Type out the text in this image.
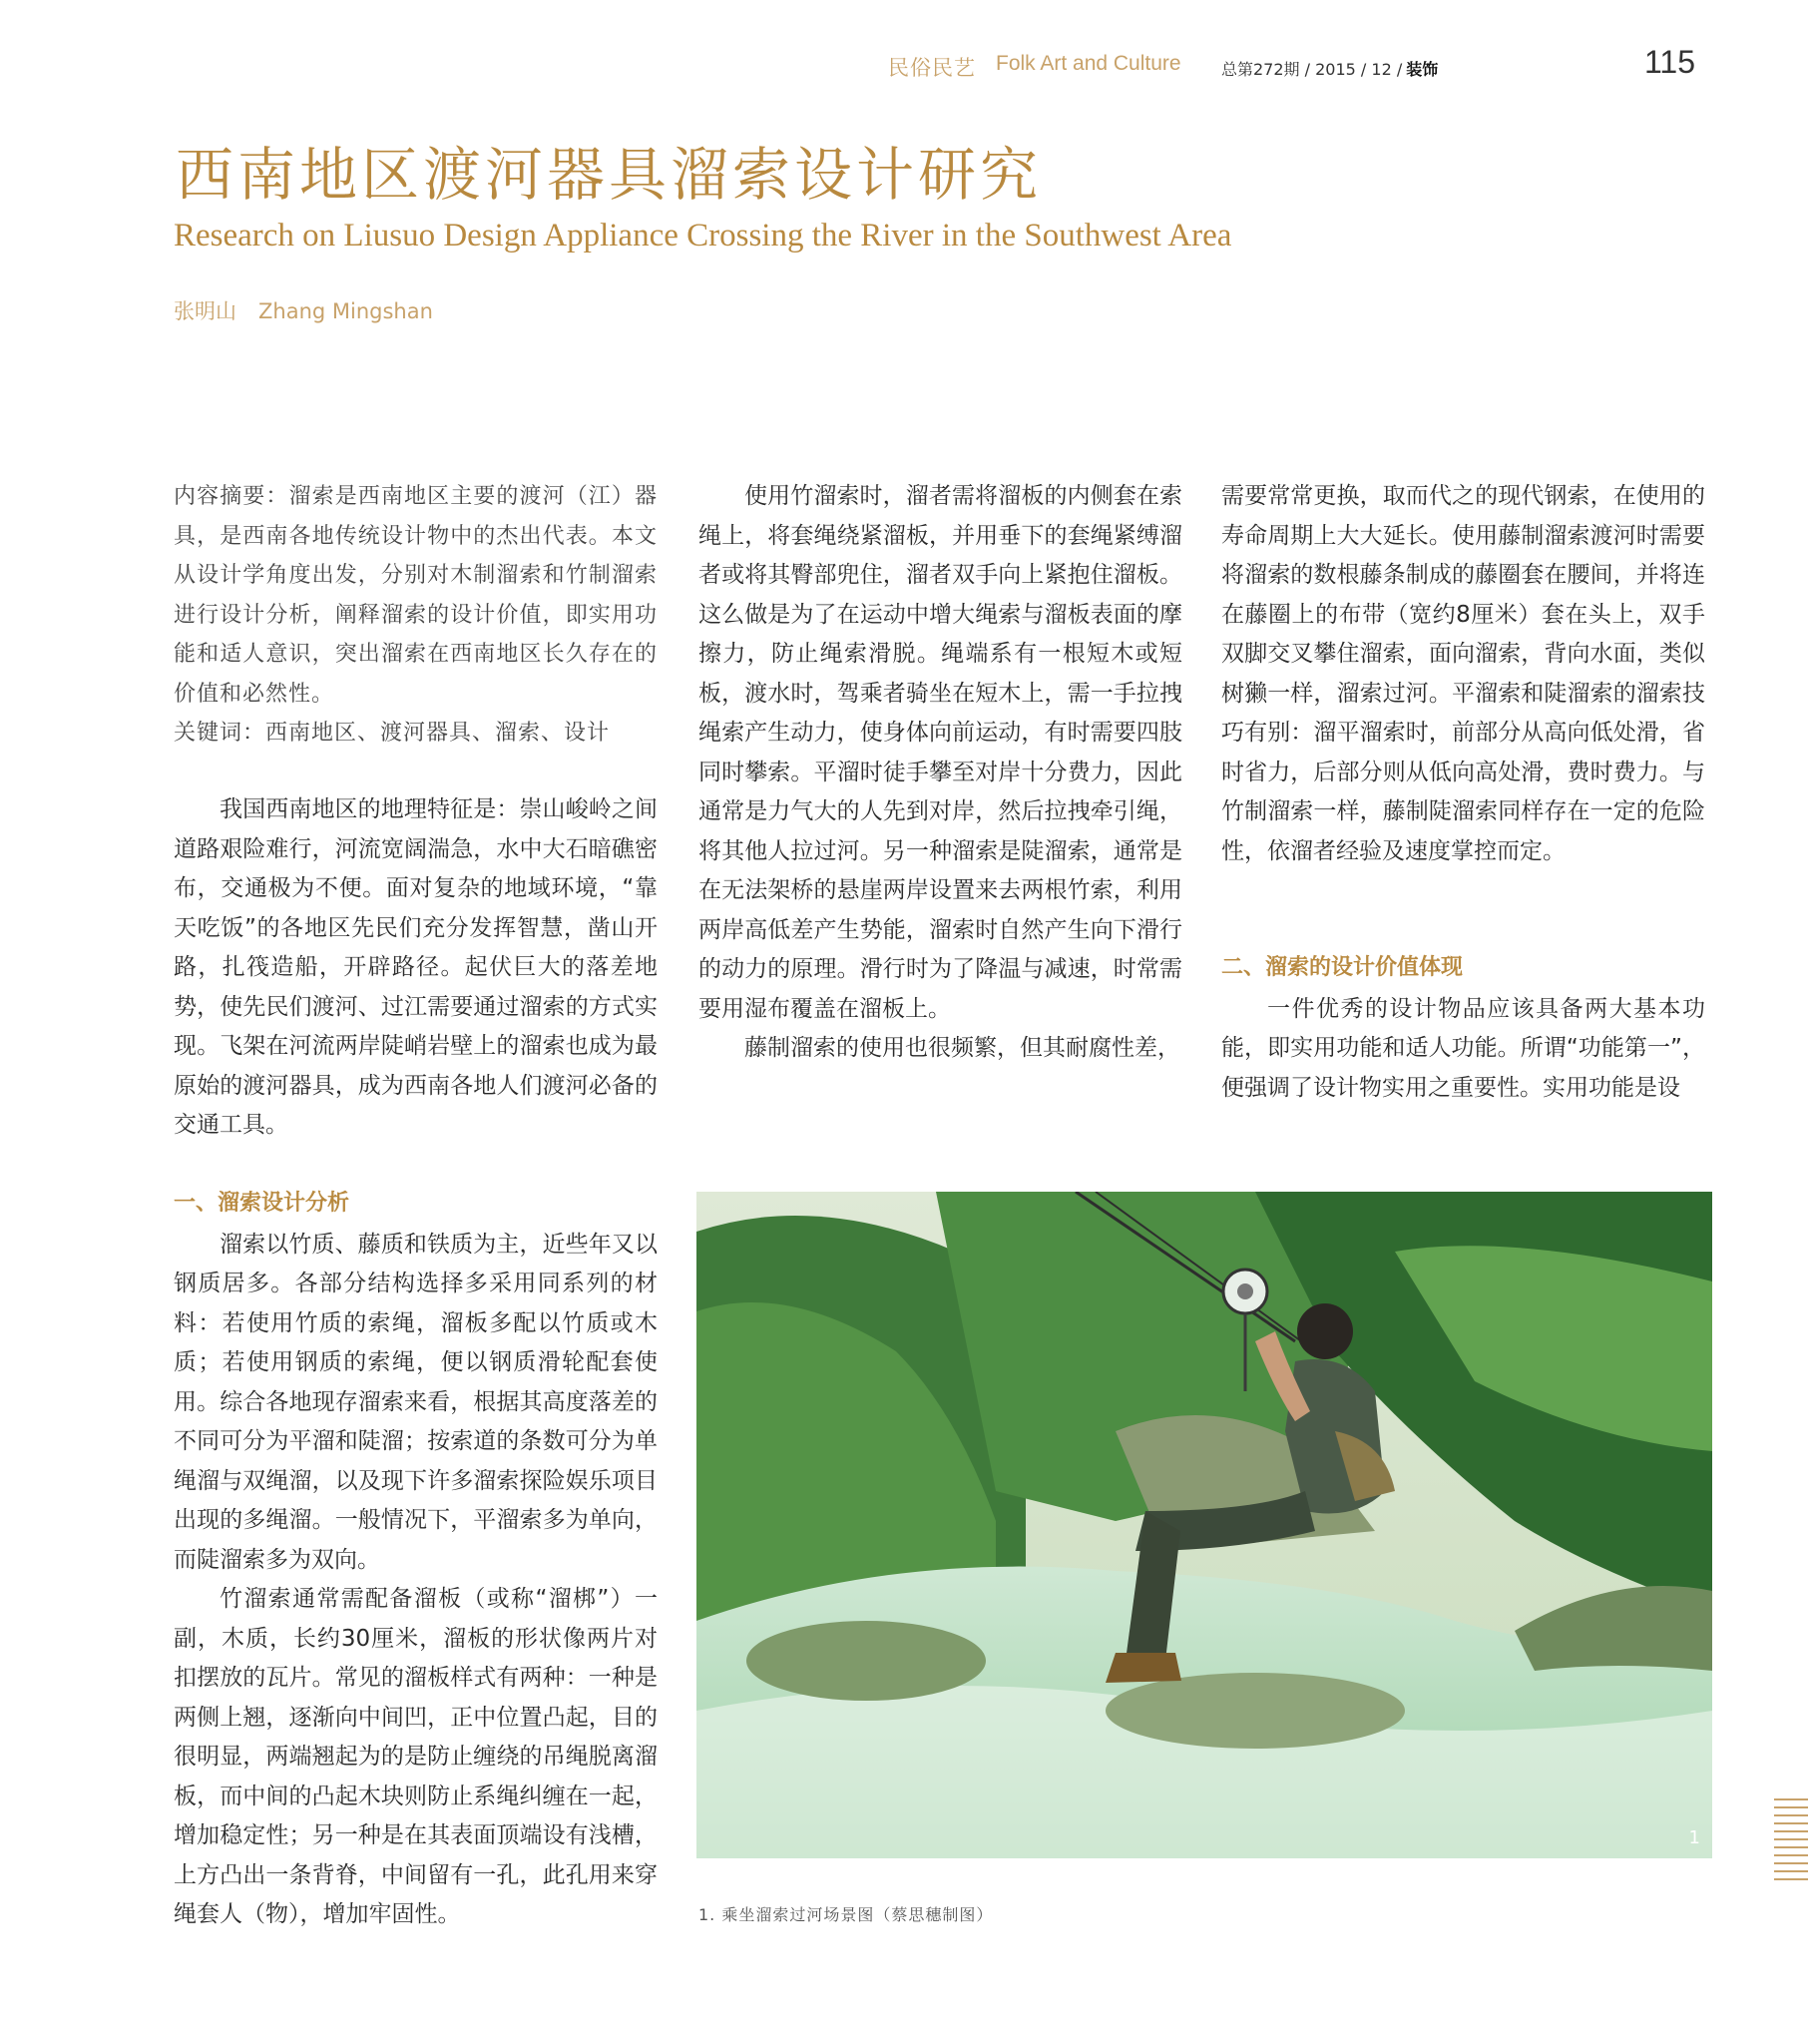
民俗民艺 Folk Art and Culture	总第272期 / 2015 / 12 / 装饰	115
西南地区渡河器具溜索设计研究
Research on Liusuo Design Appliance Crossing the River in the Southwest Area
张明山 Zhang Mingshan

内容摘要：溜索是西南地区主要的渡河（江）器具，是西南各地传统设计物中的杰出代表。本文从设计学角度出发，分别对木制溜索和竹制溜索进行设计分析，阐释溜索的设计价值，即实用功能和适人意识，突出溜索在西南地区长久存在的价值和必然性。

关键词：西南地区、渡河器具、溜索、设计

我国西南地区的地理特征是：崇山峻岭之间道路艰险难行，河流宽阔湍急，水中大石暗礁密布，交通极为不便。面对复杂的地域环境，“靠天吃饭”的各地区先民们充分发挥智慧，凿山开路，扎筏造船，开辟路径。起伏巨大的落差地势，使先民们渡河、过江需要通过溜索的方式实现。飞架在河流两岸陡峭岩壁上的溜索也成为最原始的渡河器具，成为西南各地人们渡河必备的交通工具。

一、溜索设计分析

溜索以竹质、藤质和铁质为主，近些年又以钢质居多。各部分结构选择多采用同系列的材料：若使用竹质的索绳，溜板多配以竹质或木质；若使用钢质的索绳，便以钢质滑轮配套使用。综合各地现存溜索来看，根据其高度落差的不同可分为平溜和陡溜；按索道的条数可分为单绳溜与双绳溜，以及现下许多溜索探险娱乐项目出现的多绳溜。一般情况下，平溜索多为单向，而陡溜索多为双向。

竹溜索通常需配备溜板（或称“溜梆”）一副，木质，长约30厘米，溜板的形状像两片对扣摆放的瓦片。常见的溜板样式有两种：一种是两侧上翘，逐渐向中间凹，正中位置凸起，目的很明显，两端翘起为的是防止缠绕的吊绳脱离溜板，而中间的凸起木块则防止系绳纠缠在一起，增加稳定性；另一种是在其表面顶端设有浅槽，上方凸出一条背脊，中间留有一孔，此孔用来穿绳套人（物），增加牢固性。

使用竹溜索时，溜者需将溜板的内侧套在索绳上，将套绳绕紧溜板，并用垂下的套绳紧缚溜者或将其臀部兜住，溜者双手向上紧抱住溜板。这么做是为了在运动中增大绳索与溜板表面的摩擦力，防止绳索滑脱。绳端系有一根短木或短板，渡水时，驾乘者骑坐在短木上，需一手拉拽绳索产生动力，使身体向前运动，有时需要四肢同时攀索。平溜时徒手攀至对岸十分费力，因此通常是力气大的人先到对岸，然后拉拽牵引绳，将其他人拉过河。另一种溜索是陡溜索，通常是在无法架桥的悬崖两岸设置来去两根竹索，利用两岸高低差产生势能，溜索时自然产生向下滑行的动力的原理。滑行时为了降温与减速，时常需要用湿布覆盖在溜板上。

藤制溜索的使用也很频繁，但其耐腐性差，

需要常常更换，取而代之的现代钢索，在使用的寿命周期上大大延长。使用藤制溜索渡河时需要将溜索的数根藤条制成的藤圈套在腰间，并将连在藤圈上的布带（宽约8厘米）套在头上，双手双脚交叉攀住溜索，面向溜索，背向水面，类似树獭一样，溜索过河。平溜索和陡溜索的溜索技巧有别：溜平溜索时，前部分从高向低处滑，省时省力，后部分则从低向高处滑，费时费力。与竹制溜索一样，藤制陡溜索同样存在一定的危险性，依溜者经验及速度掌控而定。

二、溜索的设计价值体现

一件优秀的设计物品应该具备两大基本功能，即实用功能和适人功能。所谓“功能第一”，便强调了设计物实用之重要性。实用功能是设

1
1. 乘坐溜索过河场景图（蔡思穗制图）
